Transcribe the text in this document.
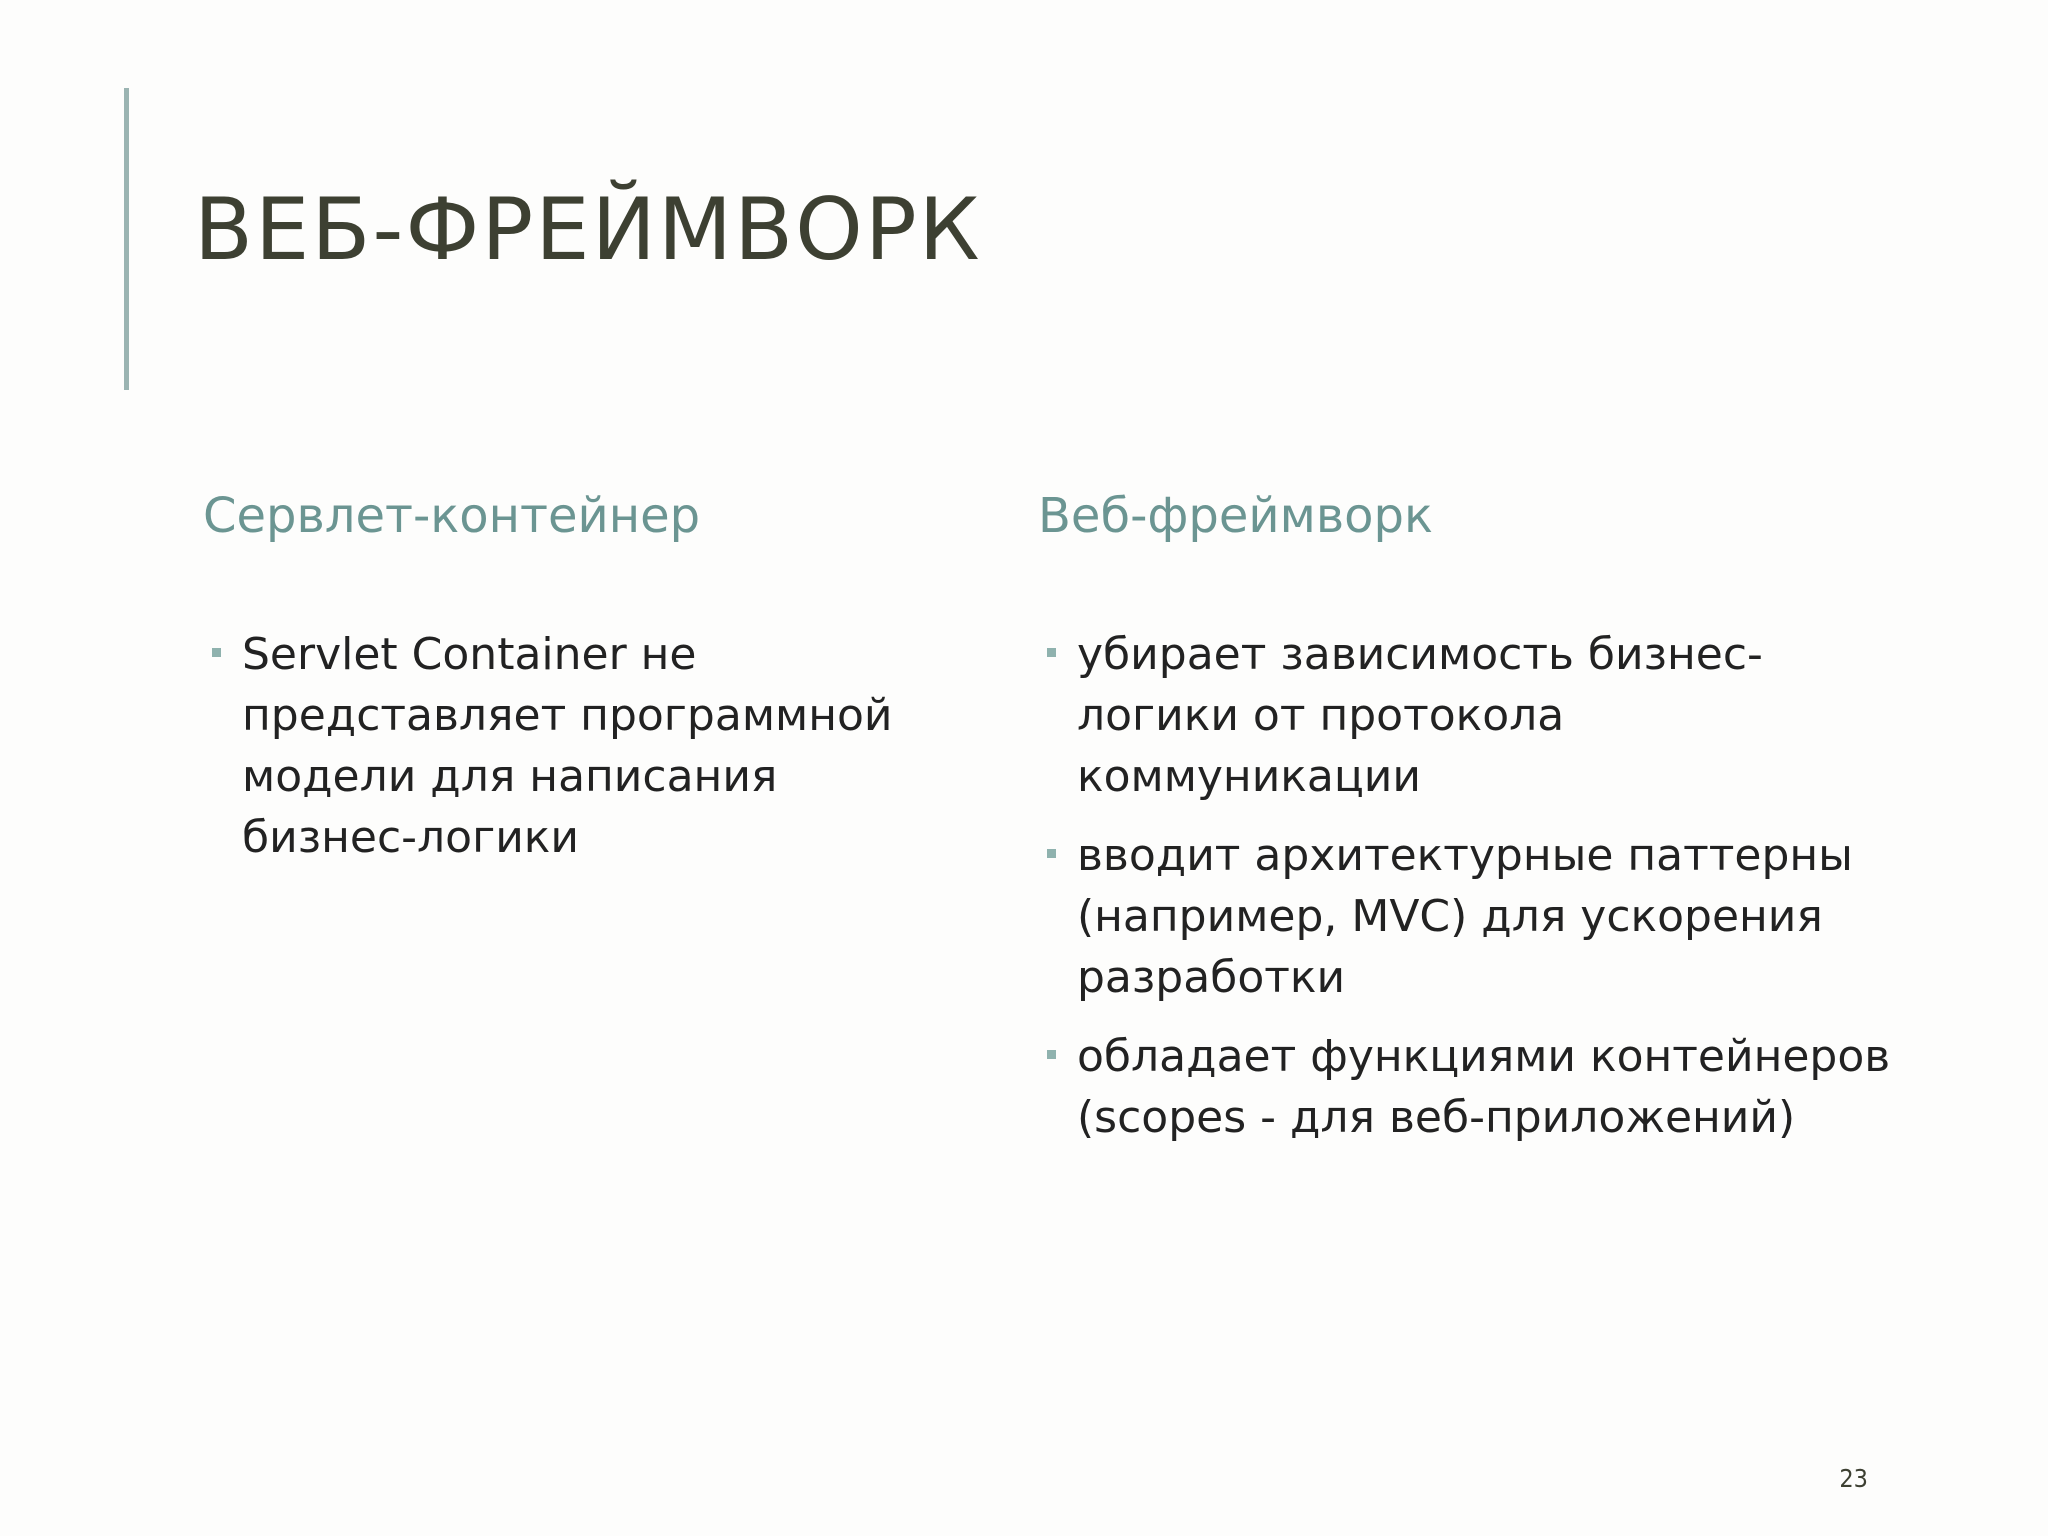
ВЕБ-ФРЕЙМВОРК
Сервлет-контейнер
Servlet Container не представляет программной модели для написания бизнес-логики
Веб-фреймворк
убирает зависимость бизнес-логики от протокола коммуникации
вводит архитектурные паттерны (например, MVC) для ускорения разработки
обладает функциями контейнеров (scopes - для веб-приложений)
23
